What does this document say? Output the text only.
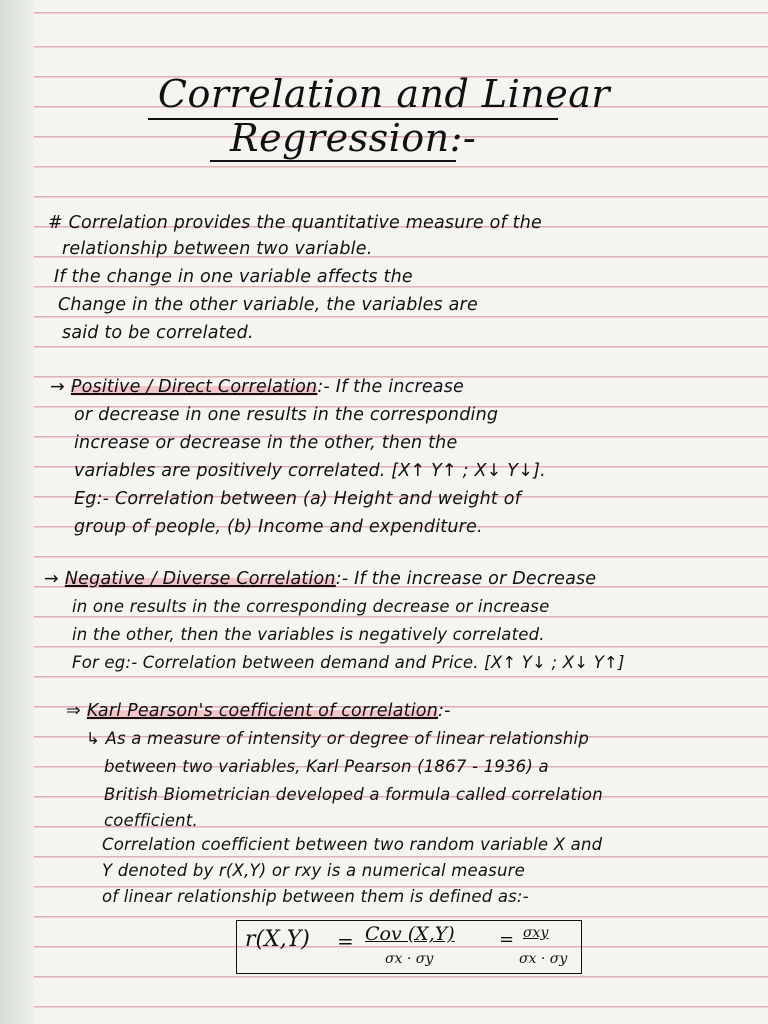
Correlation and Linear
Regression:-
# Correlation provides the quantitative measure of the
relationship between two variable.
If the change in one variable affects the
Change in the other variable, the variables are
said to be correlated.
→ Positive / Direct Correlation:- If the increase
or decrease in one results in the corresponding
increase or decrease in the other, then the
variables are positively correlated. [X↑ Y↑ ; X↓ Y↓].
Eg:- Correlation between (a) Height and weight of
group of people, (b) Income and expenditure.
→ Negative / Diverse Correlation:- If the increase or Decrease
in one results in the corresponding decrease or increase
in the other, then the variables is negatively correlated.
For eg:- Correlation between demand and Price. [X↑ Y↓ ; X↓ Y↑]
⇒ Karl Pearson's coefficient of correlation:-
↳ As a measure of intensity or degree of linear relationship
between two variables, Karl Pearson (1867 - 1936) a
British Biometrician developed a formula called correlation
coefficient.
Correlation coefficient between two random variable X and
Y denoted by r(X,Y) or rxy is a numerical measure
of linear relationship between them is defined as:-
r(X,Y) = Cov (X,Y)
σx · σy
= σxy
σx · σy
